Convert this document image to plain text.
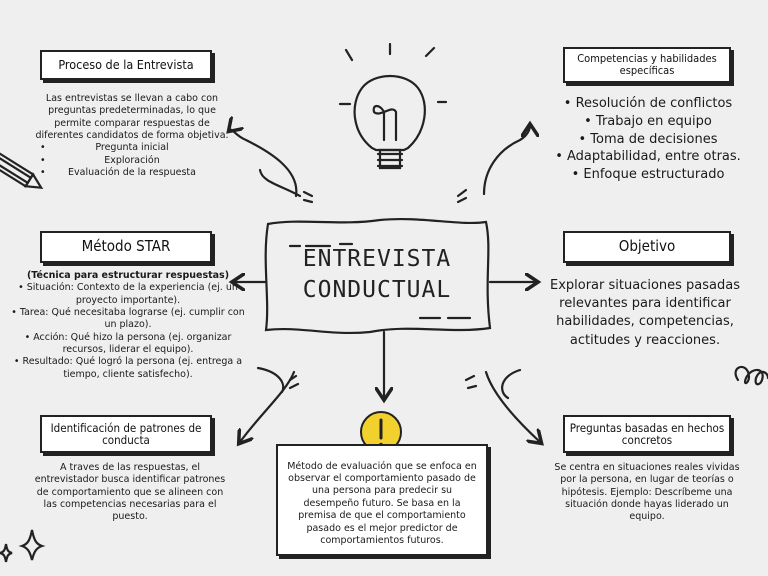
ENTREVISTA
CONDUCTUAL
Proceso de la Entrevista
Las entrevistas se llevan a cabo con preguntas predeterminadas, lo que permite comparar respuestas de diferentes candidatos de forma objetiva.
• Pregunta inicial
• Exploración
• Evaluación de la respuesta
Competencias y habilidades específicas
• Resolución de conflictos
• Trabajo en equipo
• Toma de decisiones
• Adaptabilidad, entre otras.
• Enfoque estructurado
Método STAR
(Técnica para estructurar respuestas)
• Situación: Contexto de la experiencia (ej. un proyecto importante).
• Tarea: Qué necesitaba lograrse (ej. cumplir con un plazo).
• Acción: Qué hizo la persona (ej. organizar recursos, liderar el equipo).
• Resultado: Qué logró la persona (ej. entrega a tiempo, cliente satisfecho).
Objetivo
Explorar situaciones pasadas relevantes para identificar habilidades, competencias, actitudes y reacciones.
Identificación de patrones de conducta
A traves de las respuestas, el entrevistador busca identificar patrones de comportamiento que se alineen con las competencias necesarias para el puesto.
Método de evaluación que se enfoca en observar el comportamiento pasado de una persona para predecir su desempeño futuro. Se basa en la premisa de que el comportamiento pasado es el mejor predictor de comportamientos futuros.
Preguntas basadas en hechos concretos
Se centra en situaciones reales vividas por la persona, en lugar de teorías o hipótesis. Ejemplo: Descríbeme una situación donde hayas liderado un equipo.
